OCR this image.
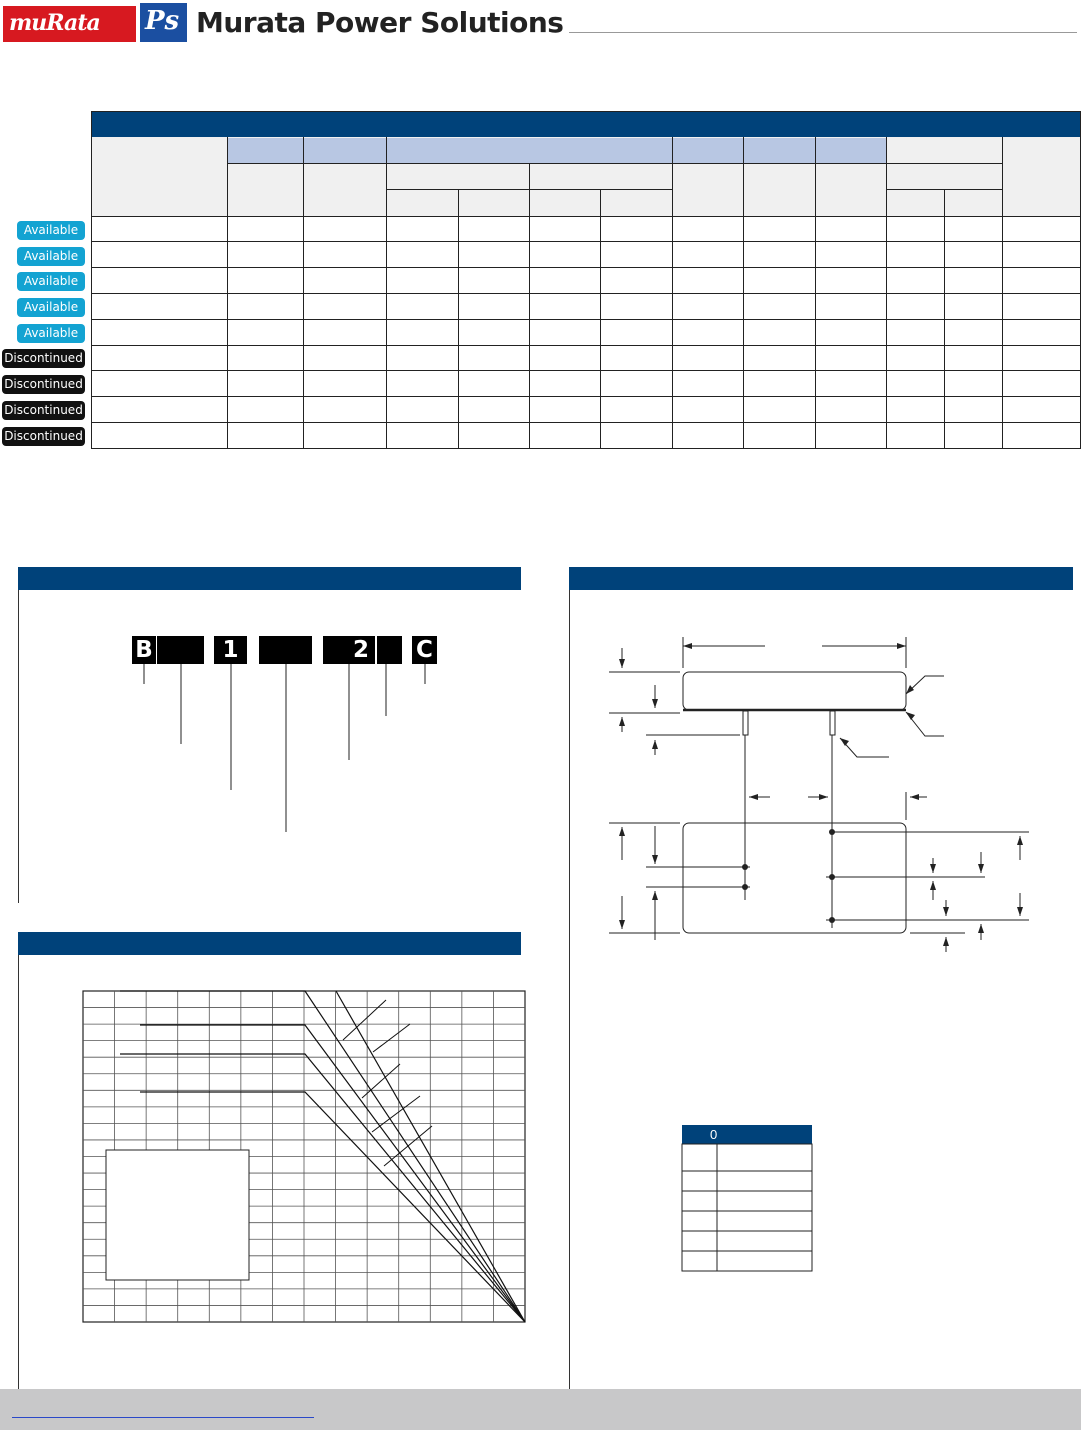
muRata Ps Murata Power Solutions
Available
Available
Available
Available
Available
Discontinued
Discontinued
Discontinued
Discontinued
B	1	2 C
0
